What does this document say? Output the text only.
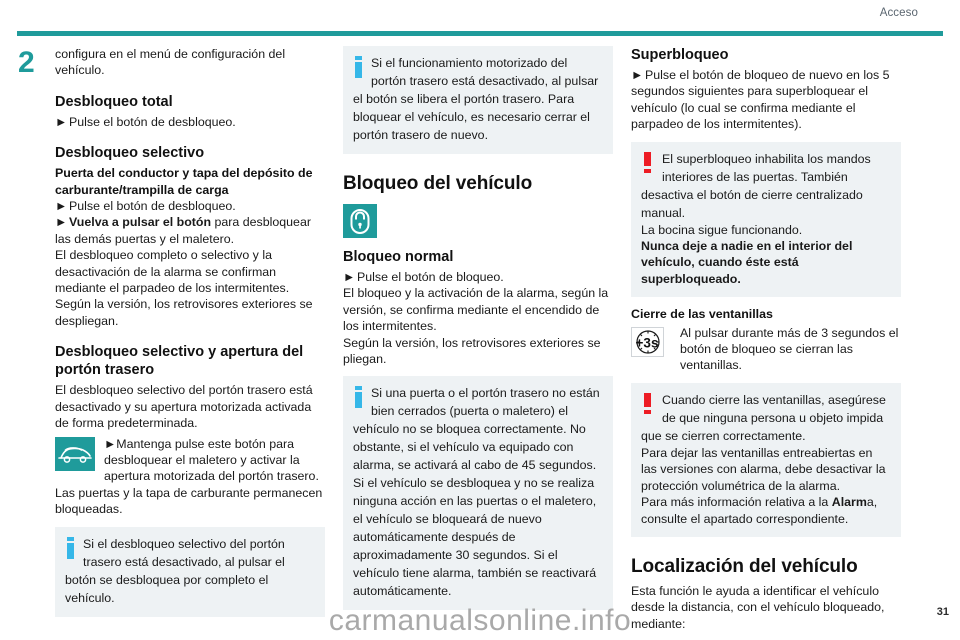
Acceso
2 configura en el menú de configuración del vehículo.

Desbloqueo total
► Pulse el botón de desbloqueo.
Desbloqueo selectivo
Puerta del conductor y tapa del depósito de carburante/trampilla de carga
► Pulse el botón de desbloqueo.
► Vuelva a pulsar el botón para desbloquear las demás puertas y el maletero.

El desbloqueo completo o selectivo y la desactivación de la alarma se confirman mediante el parpadeo de los intermitentes.

Según la versión, los retrovisores exteriores se despliegan.

Desbloqueo selectivo y apertura del portón trasero

El desbloqueo selectivo del portón trasero está desactivado y su apertura motorizada activada de forma predeterminada.

►Mantenga pulse este botón para desbloquear el maletero y activar la apertura motorizada del portón trasero.

Las puertas y la tapa de carburante permanecen bloqueadas.

Si el desbloqueo selectivo del portón trasero está desactivado, al pulsar el botón se desbloquea por completo el vehículo.
Si el funcionamiento motorizado del portón trasero está desactivado, al pulsar el botón se libera el portón trasero. Para bloquear el vehículo, es necesario cerrar el portón trasero de nuevo.
Bloqueo del vehículo
Bloqueo normal
► Pulse el botón de bloqueo.

El bloqueo y la activación de la alarma, según la versión, se confirma mediante el encendido de los intermitentes.

Según la versión, los retrovisores exteriores se pliegan.

Si una puerta o el portón trasero no están bien cerrados (puerta o maletero) el vehículo no se bloquea correctamente. No obstante, si el vehículo va equipado con alarma, se activará al cabo de 45 segundos. Si el vehículo se desbloquea y no se realiza ninguna acción en las puertas o el maletero, el vehículo se bloqueará de nuevo automáticamente después de aproximadamente 30 segundos. Si el vehículo tiene alarma, también se reactivará automáticamente.
Superbloqueo
► Pulse el botón de bloqueo de nuevo en los 5 segundos siguientes para superbloquear el vehículo (lo cual se confirma mediante el parpadeo de los intermitentes).
El superbloqueo inhabilita los mandos interiores de las puertas. También desactiva el botón de cierre centralizado manual.
La bocina sigue funcionando.
Nunca deje a nadie en el interior del vehículo, cuando éste está superbloqueado.
Cierre de las ventanillas
+3s
Al pulsar durante más de 3 segundos el botón de bloqueo se cierran las ventanillas.
Cuando cierre las ventanillas, asegúrese de que ninguna persona u objeto impida que se cierren correctamente.
Para dejar las ventanillas entreabiertas en las versiones con alarma, debe desactivar la protección volumétrica de la alarma.
Para más información relativa a la Alarma, consulte el apartado correspondiente.
Localización del vehículo

Esta función le ayuda a identificar el vehículo desde la distancia, con el vehículo bloqueado, mediante:

carmanualsonline.info	31
